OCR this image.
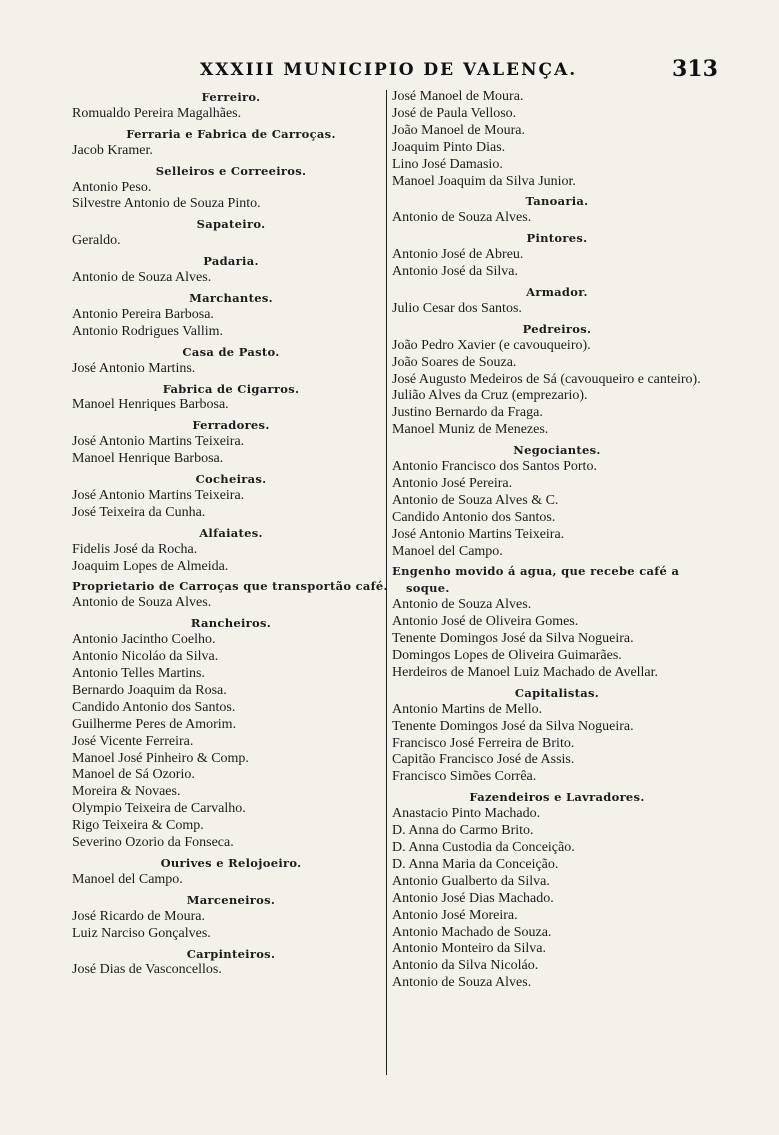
XXXIII MUNICIPIO DE VALENÇA.	313
Ferreiro.
Romualdo Pereira Magalhães.
Ferraria e Fabrica de Carroças.
Jacob Kramer.
Selleiros e Correeiros.
Antonio Peso.
Silvestre Antonio de Souza Pinto.
Sapateiro.
Geraldo.
Padaria.
Antonio de Souza Alves.
Marchantes.
Antonio Pereira Barbosa.
Antonio Rodrigues Vallim.
Casa de Pasto.
José Antonio Martins.
Fabrica de Cigarros.
Manoel Henriques Barbosa.
Ferradores.
José Antonio Martins Teixeira.
Manoel Henrique Barbosa.
Cocheiras.
José Antonio Martins Teixeira.
José Teixeira da Cunha.
Alfaiates.
Fidelis José da Rocha.
Joaquim Lopes de Almeida.
Proprietario de Carroças que transportão café.
Antonio de Souza Alves.
Rancheiros.
Antonio Jacintho Coelho.
Antonio Nicoláo da Silva.
Antonio Telles Martins.
Bernardo Joaquim da Rosa.
Candido Antonio dos Santos.
Guilherme Peres de Amorim.
José Vicente Ferreira.
Manoel José Pinheiro & Comp.
Manoel de Sá Ozorio.
Moreira & Novaes.
Olympio Teixeira de Carvalho.
Rigo Teixeira & Comp.
Severino Ozorio da Fonseca.
Ourives e Relojoeiro.
Manoel del Campo.
Marceneiros.
José Ricardo de Moura.
Luiz Narciso Gonçalves.
Carpinteiros.
José Dias de Vasconcellos.
José Manoel de Moura.
José de Paula Velloso.
João Manoel de Moura.
Joaquim Pinto Dias.
Lino José Damasio.
Manoel Joaquim da Silva Junior.
Tanoaria.
Antonio de Souza Alves.
Pintores.
Antonio José de Abreu.
Antonio José da Silva.
Armador.
Julio Cesar dos Santos.
Pedreiros.
João Pedro Xavier (e cavouqueiro).
João Soares de Souza.
José Augusto Medeiros de Sá (cavouqueiro e canteiro).
Julião Alves da Cruz (emprezario).
Justino Bernardo da Fraga.
Manoel Muniz de Menezes.
Negociantes.
Antonio Francisco dos Santos Porto.
Antonio José Pereira.
Antonio de Souza Alves & C.
Candido Antonio dos Santos.
José Antonio Martins Teixeira.
Manoel del Campo.
Engenho movido á agua, que recebe café a soque.
Antonio de Souza Alves.
Antonio José de Oliveira Gomes.
Tenente Domingos José da Silva Nogueira.
Domingos Lopes de Oliveira Guimarães.
Herdeiros de Manoel Luiz Machado de Avellar.
Capitalistas.
Antonio Martins de Mello.
Tenente Domingos José da Silva Nogueira.
Francisco José Ferreira de Brito.
Capitão Francisco José de Assis.
Francisco Simões Corrêa.
Fazendeiros e Lavradores.
Anastacio Pinto Machado.
D. Anna do Carmo Brito.
D. Anna Custodia da Conceição.
D. Anna Maria da Conceição.
Antonio Gualberto da Silva.
Antonio José Dias Machado.
Antonio José Moreira.
Antonio Machado de Souza.
Antonio Monteiro da Silva.
Antonio da Silva Nicoláo.
Antonio de Souza Alves.
